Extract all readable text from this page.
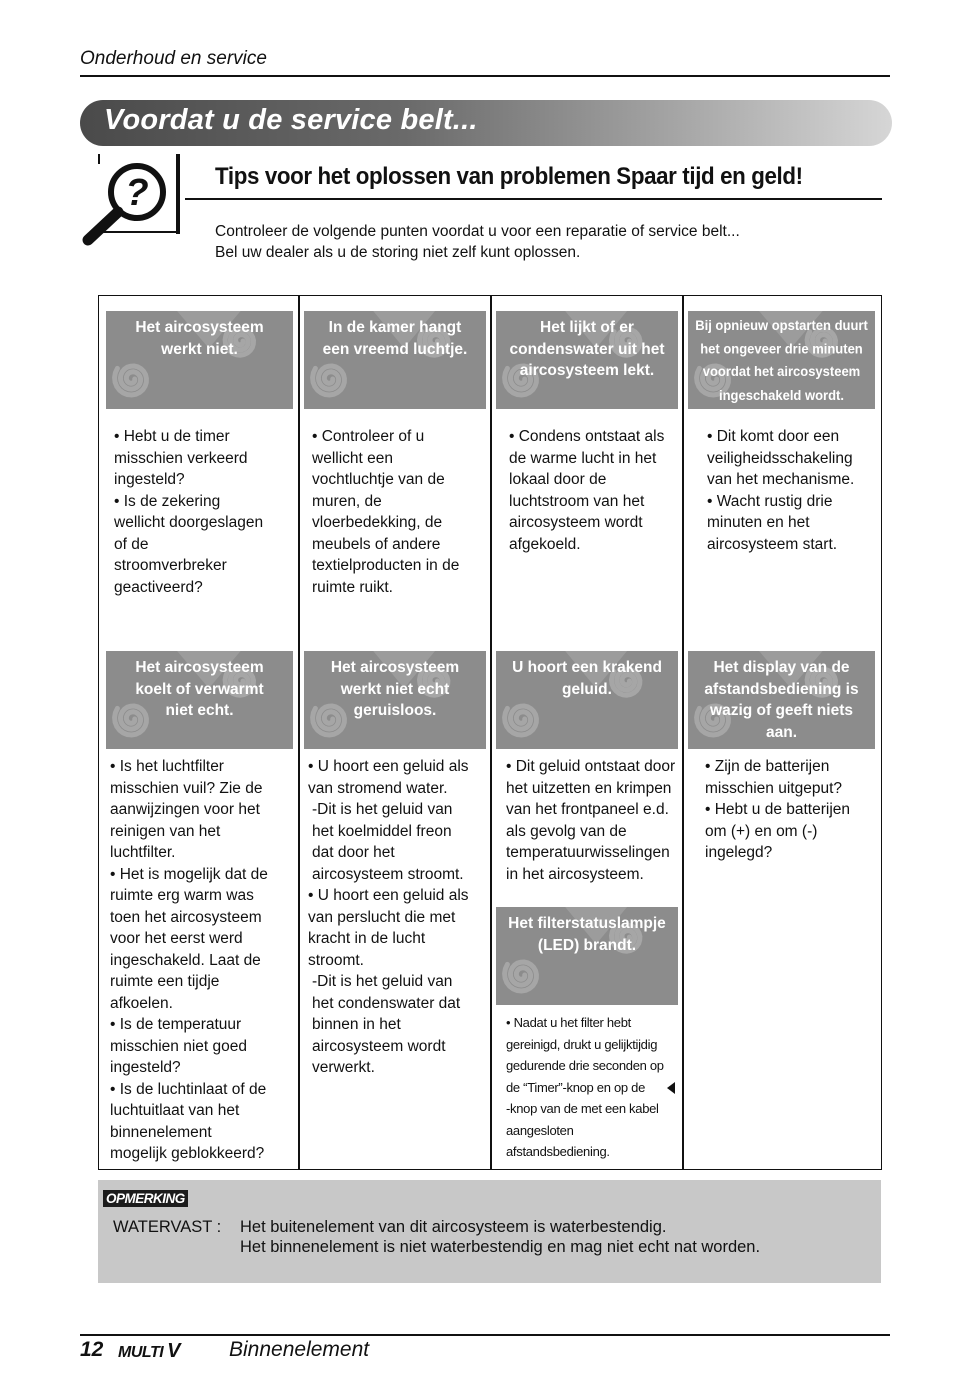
Onderhoud en service
Voordat u de service belt...
?	Tips voor het oplossen van problemen Spaar tijd en geld!
Controleer de volgende punten voordat u voor een reparatie of service belt...
Bel uw dealer als u de storing niet zelf kunt oplossen.
Het aircosysteem
werkt niet.
In de kamer hangt
een vreemd luchtje.
Het lijkt of er
condenswater uit het
aircosysteem lekt.
Bij opnieuw opstarten duurt
het ongeveer drie minuten
voordat het aircosysteem
ingeschakeld wordt.
• Hebt u de timer
misschien verkeerd
ingesteld?
• Is de zekering
wellicht doorgeslagen
of de
stroomverbreker
geactiveerd?
• Controleer of u
wellicht een
vochtluchtje van de
muren, de
vloerbedekking, de
meubels of andere
textielproducten in de
ruimte ruikt.
• Condens ontstaat als
de warme lucht in het
lokaal door de
luchtstroom van het
aircosysteem wordt
afgekoeld.
• Dit komt door een
veiligheidsschakeling
van het mechanisme.
• Wacht rustig drie
minuten en het
aircosysteem start.
Het aircosysteem
koelt of verwarmt
niet echt.
Het aircosysteem
werkt niet echt
geruisloos.
U hoort een krakend
geluid.
Het display van de
afstandsbediening is
wazig of geeft niets
aan.
• Is het luchtfilter
misschien vuil? Zie de
aanwijzingen voor het
reinigen van het
luchtfilter.
• Het is mogelijk dat de
ruimte erg warm was
toen het aircosysteem
voor het eerst werd
ingeschakeld. Laat de
ruimte een tijdje
afkoelen.
• Is de temperatuur
misschien niet goed
ingesteld?
• Is de luchtinlaat of de
luchtuitlaat van het
binnenelement
mogelijk geblokkeerd?
• U hoort een geluid als
van stromend water.
-Dit is het geluid van
het koelmiddel freon
dat door het
aircosysteem stroomt.
• U hoort een geluid als
van perslucht die met
kracht in de lucht
stroomt.
-Dit is het geluid van
het condenswater dat
binnen in het
aircosysteem wordt
verwerkt.
• Dit geluid ontstaat door
het uitzetten en krimpen
van het frontpaneel e.d.
als gevolg van de
temperatuurwisselingen
in het aircosysteem.
• Zijn de batterijen
misschien uitgeput?
• Hebt u de batterijen
om (+) en om (-)
ingelegd?
Het filterstatuslampje
(LED) brandt.
• Nadat u het filter hebt
gereinigd, drukt u gelijktijdig
gedurende drie seconden op
de “Timer”-knop en op de
-knop van de met een kabel
aangesloten
afstandsbediening.
OPMERKING
WATERVAST : Het buitenelement van dit aircosysteem is waterbestendig.
Het binnenelement is niet waterbestendig en mag niet echt nat worden.
12 MULTI V Binnenelement
